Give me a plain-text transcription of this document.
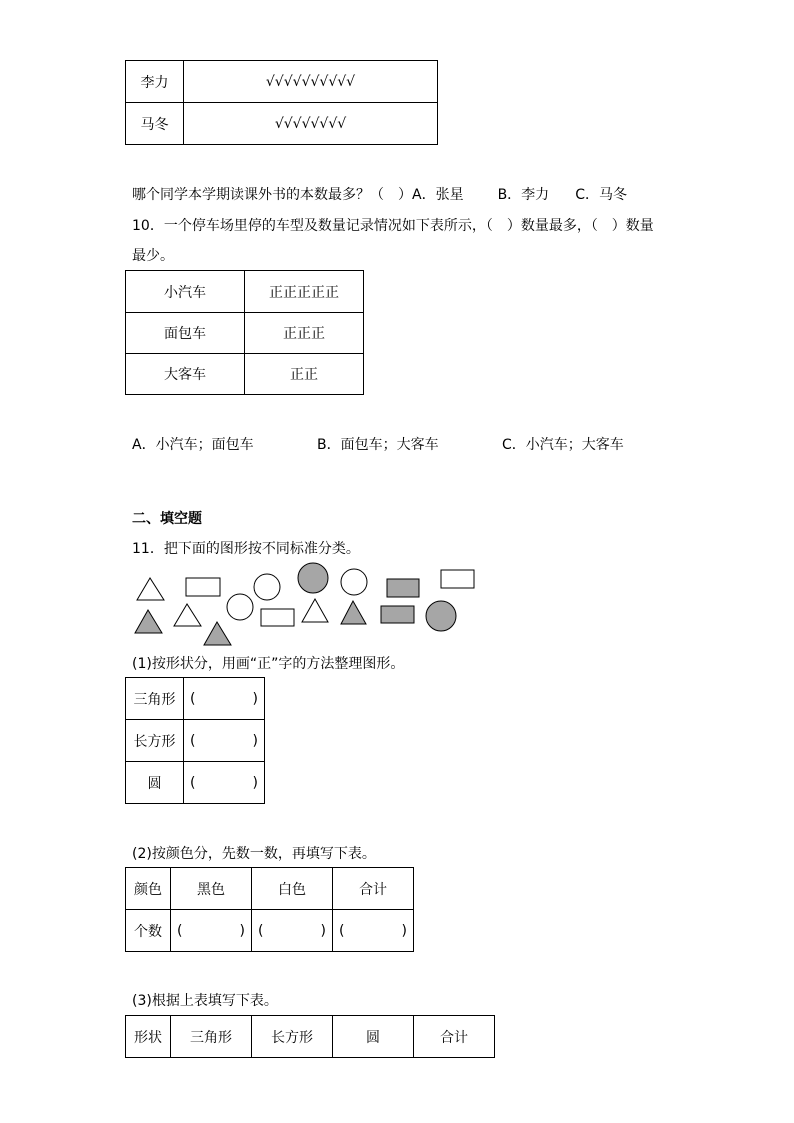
李力	√√√√√√√√√√
马冬	√√√√√√√√
哪个同学本学期读课外书的本数最多？（　）A．张星 B．李力 C．马冬
10．一个停车场里停的车型及数量记录情况如下表所示，（　）数量最多，（　）数量
最少。
小汽车	正正正正正
面包车	正正正
大客车	正正
A．小汽车；面包车	B．面包车；大客车	C．小汽车；大客车
二、填空题
11．把下面的图形按不同标准分类。
(1)按形状分，用画“正”字的方法整理图形。
三角形	( )

长方形	( )

圆	( )
(2)按颜色分，先数一数，再填写下表。
颜色	黑色	白色	合计
个数	( )	( )	( )
(3)根据上表填写下表。
形状	三角形	长方形	圆	合计
